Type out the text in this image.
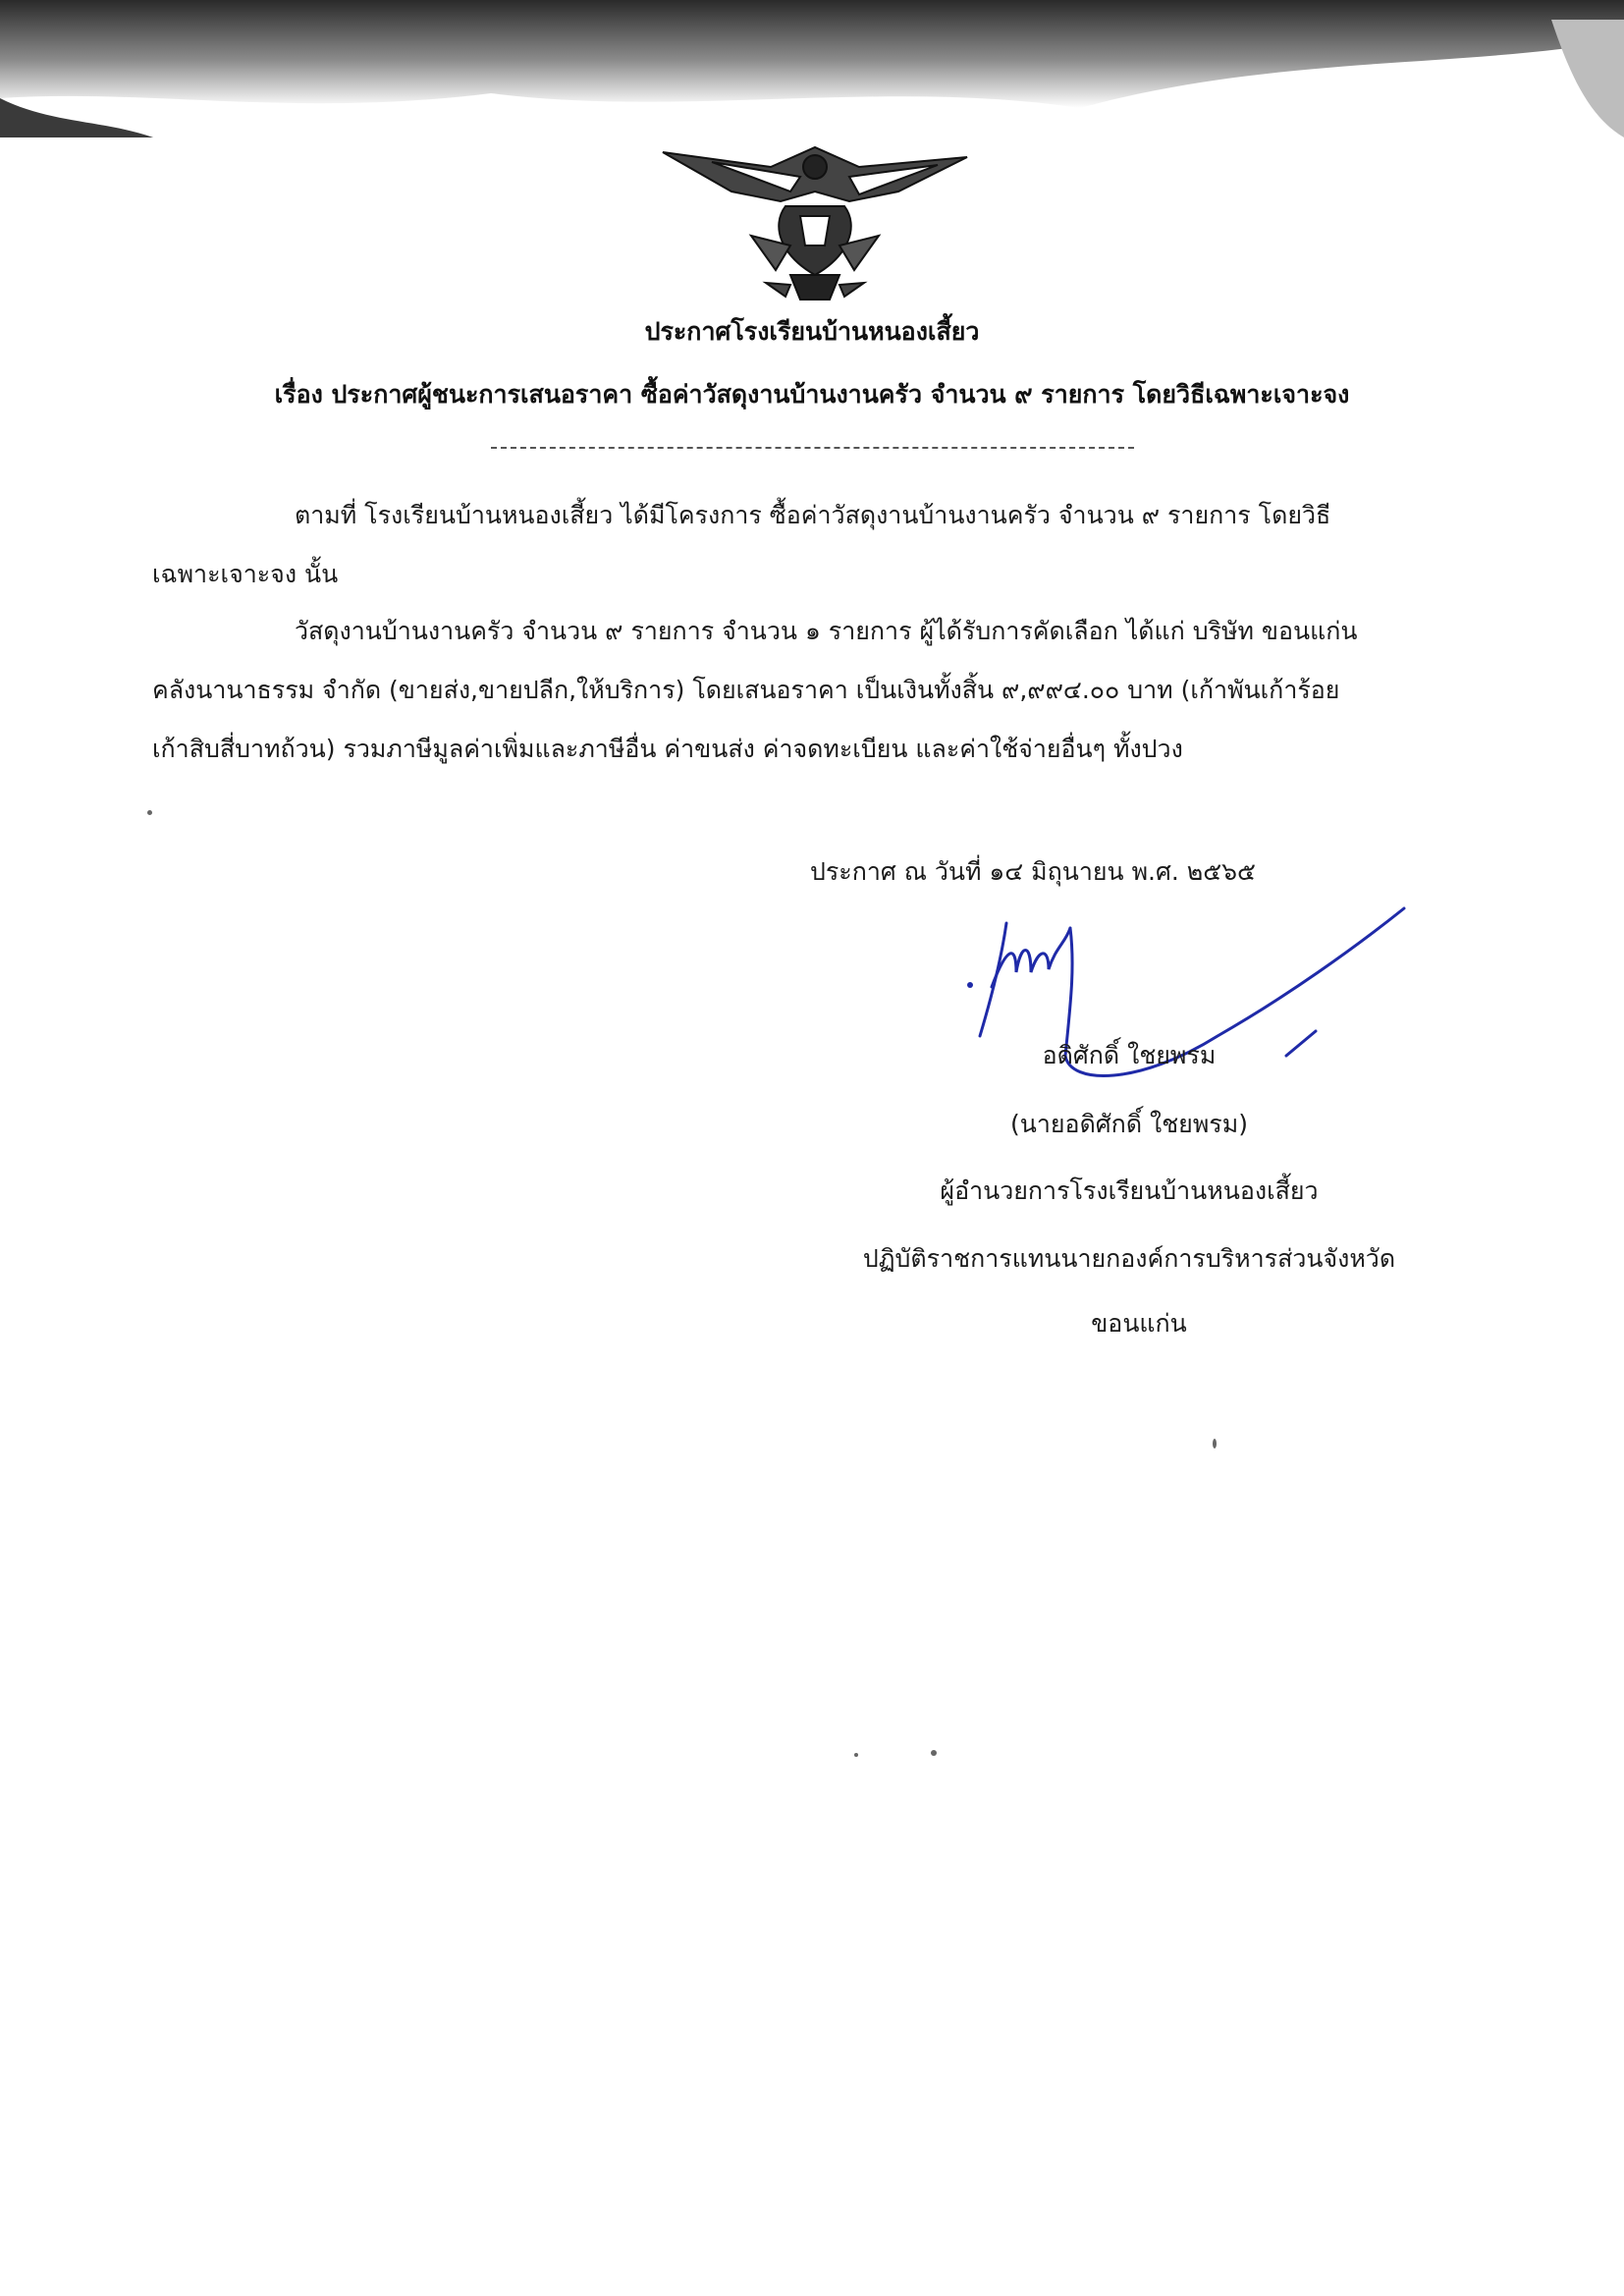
ประกาศโรงเรียนบ้านหนองเสี้ยว
เรื่อง ประกาศผู้ชนะการเสนอราคา ซื้อค่าวัสดุงานบ้านงานครัว จำนวน ๙ รายการ โดยวิธีเฉพาะเจาะจง
ตามที่ โรงเรียนบ้านหนองเสี้ยว ได้มีโครงการ ซื้อค่าวัสดุงานบ้านงานครัว จำนวน ๙ รายการ โดยวิธี
เฉพาะเจาะจง นั้น
วัสดุงานบ้านงานครัว จำนวน ๙ รายการ จำนวน ๑ รายการ ผู้ได้รับการคัดเลือก ได้แก่ บริษัท ขอนแก่น
คลังนานาธรรม จำกัด (ขายส่ง,ขายปลีก,ให้บริการ) โดยเสนอราคา เป็นเงินทั้งสิ้น ๙,๙๙๔.๐๐ บาท (เก้าพันเก้าร้อย
เก้าสิบสี่บาทถ้วน) รวมภาษีมูลค่าเพิ่มและภาษีอื่น ค่าขนส่ง ค่าจดทะเบียน และค่าใช้จ่ายอื่นๆ ทั้งปวง
ประกาศ ณ วันที่ ๑๔ มิถุนายน พ.ศ. ๒๕๖๕
อดิศักดิ์ ใชยพรม
(นายอดิศักดิ์ ใชยพรม)
ผู้อำนวยการโรงเรียนบ้านหนองเสี้ยว
ปฏิบัติราชการแทนนายกองค์การบริหารส่วนจังหวัด
ขอนแก่น
